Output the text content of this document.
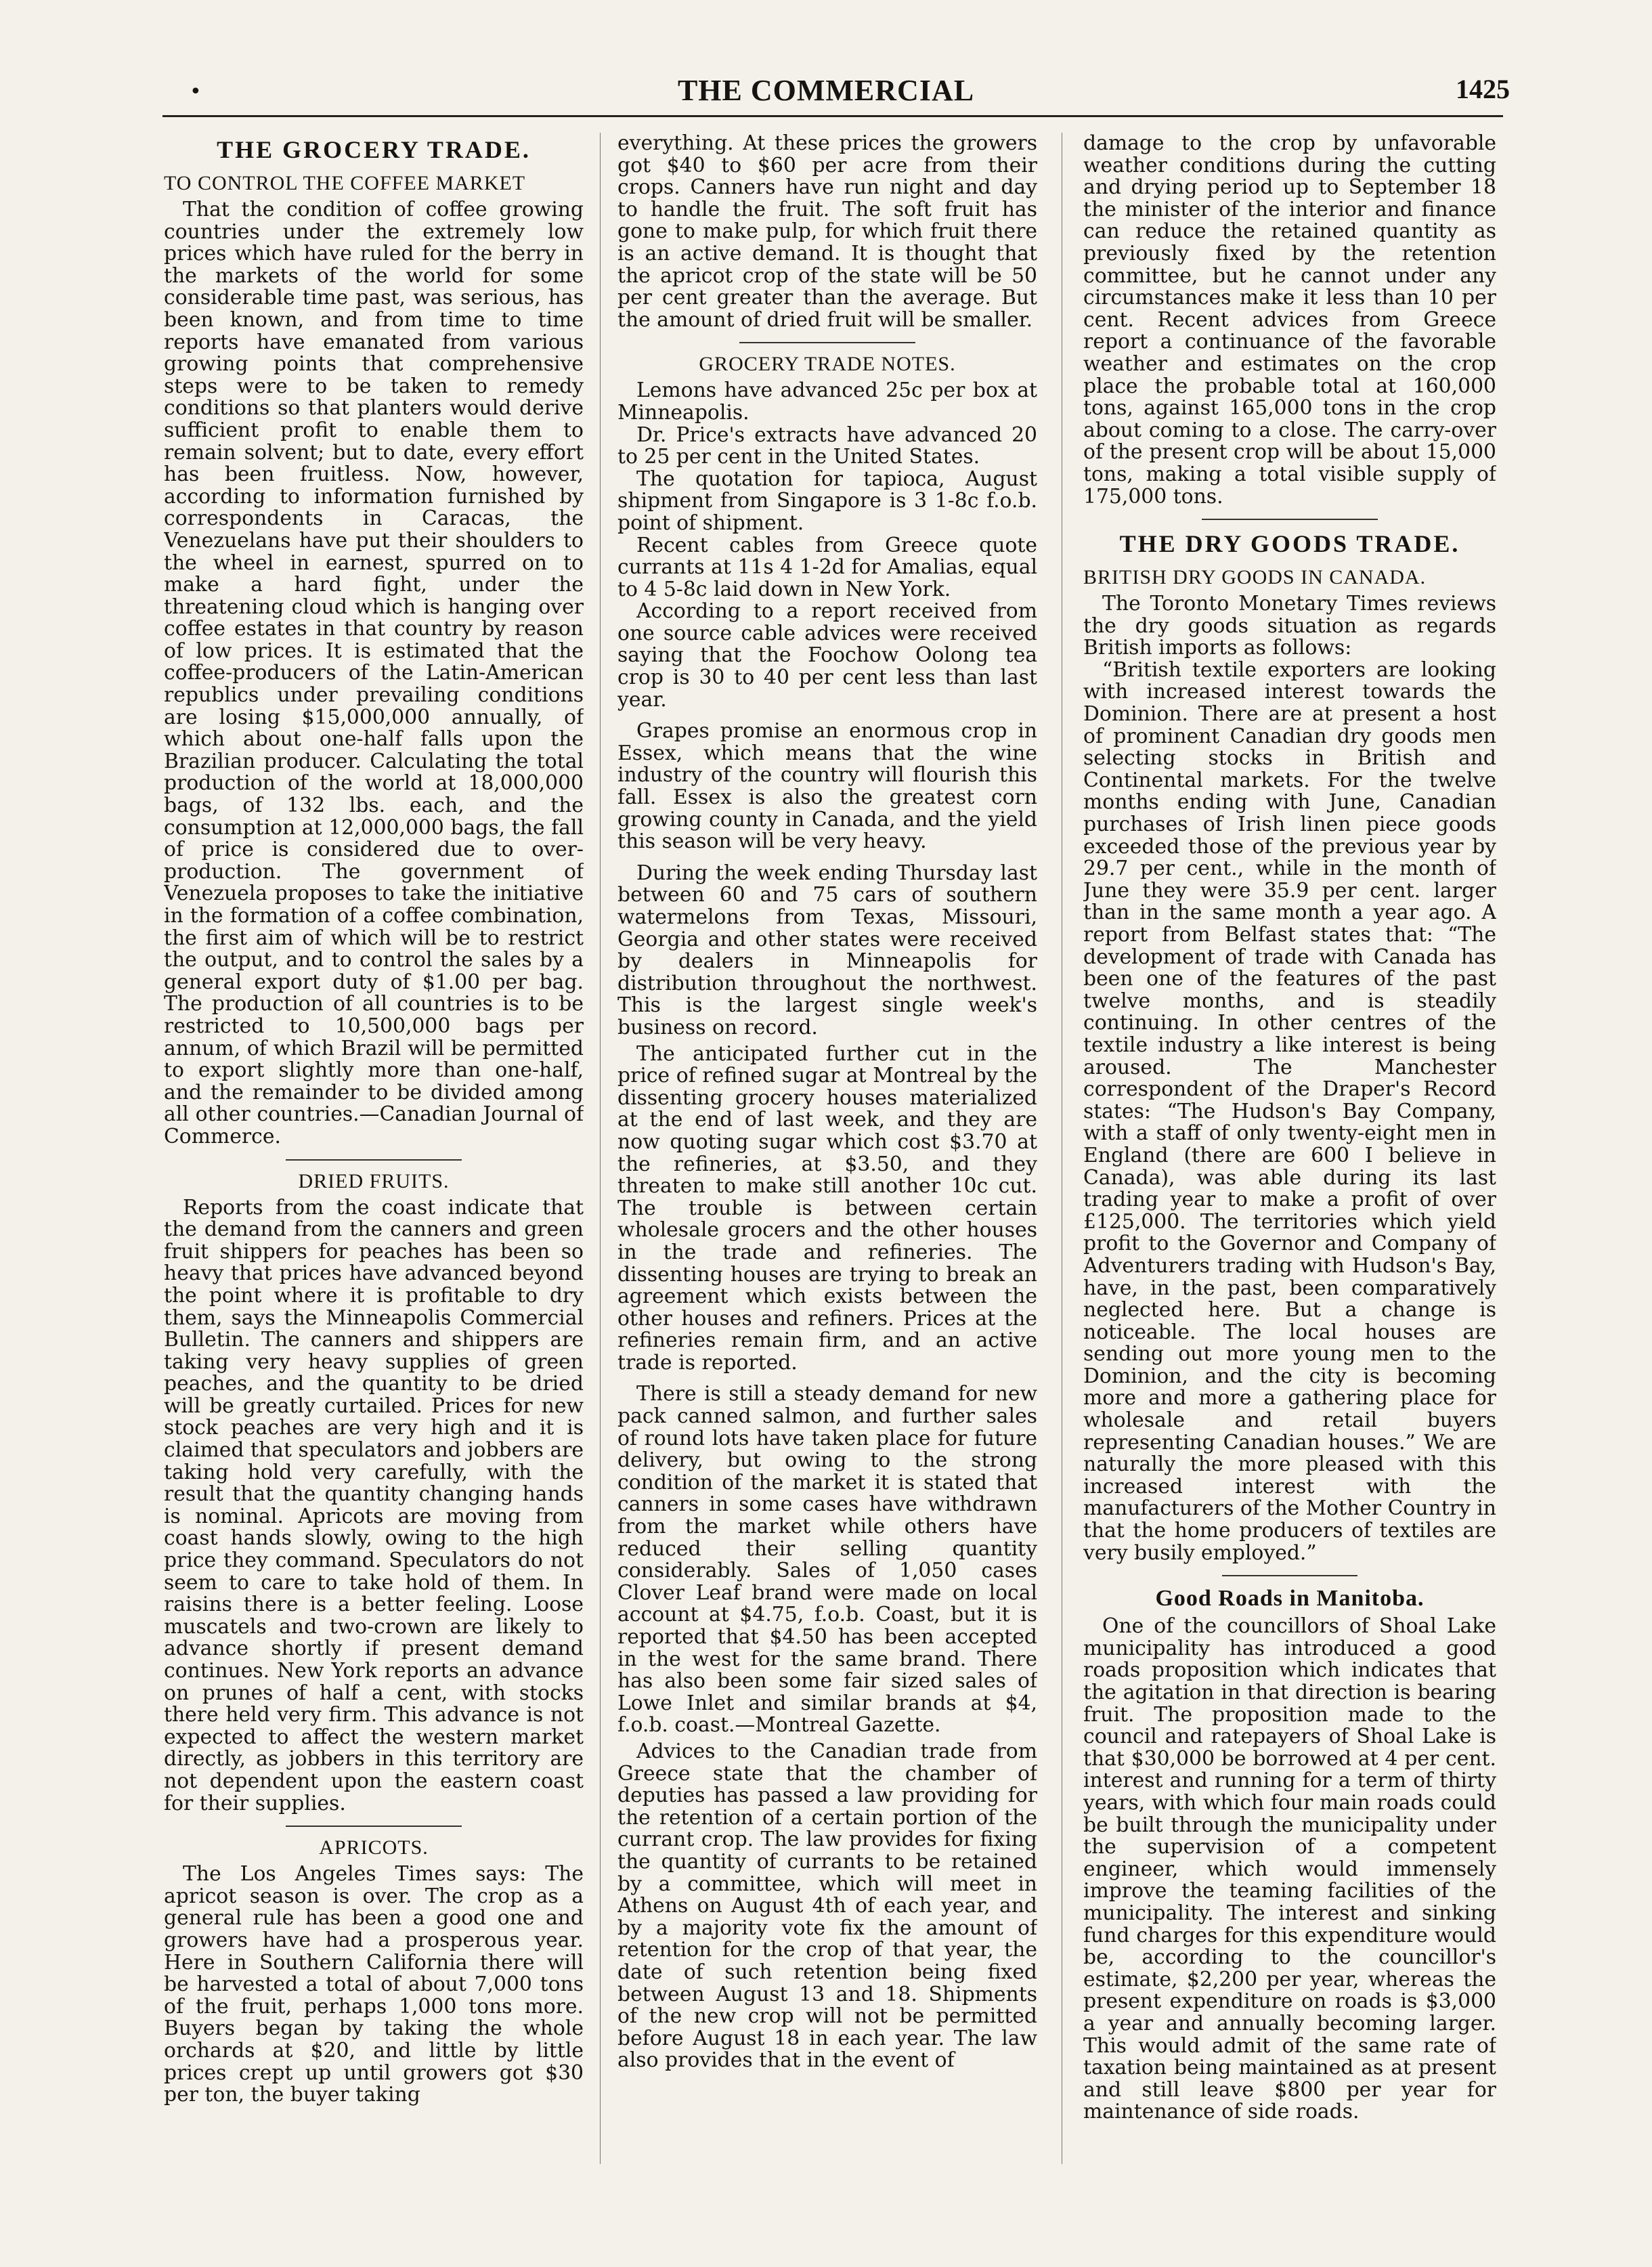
•	THE COMMERCIAL	1425
THE GROCERY TRADE.
TO CONTROL THE COFFEE MARKET

That the condition of coffee growing countries under the extremely low prices which have ruled for the berry in the markets of the world for some considerable time past, was serious, has been known, and from time to time reports have emanated from various growing points that comprehensive steps were to be taken to remedy conditions so that planters would derive sufficient profit to enable them to remain solvent; but to date, every effort has been fruitless. Now, however, according to information furnished by correspondents in Caracas, the Venezuelans have put their shoulders to the wheel in earnest, spurred on to make a hard fight, under the threatening cloud which is hanging over coffee estates in that country by reason of low prices. It is estimated that the coffee-producers of the Latin-American republics under prevailing conditions are losing $15,000,000 annually, of which about one-half falls upon the Brazilian producer. Calculating the total production of the world at 18,000,000 bags, of 132 lbs. each, and the consumption at 12,000,000 bags, the fall of price is considered due to over-production. The government of Venezuela proposes to take the initiative in the formation of a coffee combination, the first aim of which will be to restrict the output, and to control the sales by a general export duty of $1.00 per bag. The production of all countries is to be restricted to 10,500,000 bags per annum, of which Brazil will be permitted to export slightly more than one-half, and the remainder to be divided among all other countries.—Canadian Journal of Commerce.

DRIED FRUITS.

Reports from the coast indicate that the demand from the canners and green fruit shippers for peaches has been so heavy that prices have advanced beyond the point where it is profitable to dry them, says the Minneapolis Commercial Bulletin. The canners and shippers are taking very heavy supplies of green peaches, and the quantity to be dried will be greatly curtailed. Prices for new stock peaches are very high and it is claimed that speculators and jobbers are taking hold very carefully, with the result that the quantity changing hands is nominal. Apricots are moving from coast hands slowly, owing to the high price they command. Speculators do not seem to care to take hold of them. In raisins there is a better feeling. Loose muscatels and two-crown are likely to advance shortly if present demand continues. New York reports an advance on prunes of half a cent, with stocks there held very firm. This advance is not expected to affect the western market directly, as jobbers in this territory are not dependent upon the eastern coast for their supplies.

APRICOTS.

The Los Angeles Times says: The apricot season is over. The crop as a general rule has been a good one and growers have had a prosperous year. Here in Southern California there will be harvested a total of about 7,000 tons of the fruit, perhaps 1,000 tons more. Buyers began by taking the whole orchards at $20, and little by little prices crept up until growers got $30 per ton, the buyer taking

everything. At these prices the growers got $40 to $60 per acre from their crops. Canners have run night and day to handle the fruit. The soft fruit has gone to make pulp, for which fruit there is an active demand. It is thought that the apricot crop of the state will be 50 per cent greater than the average. But the amount of dried fruit will be smaller.

GROCERY TRADE NOTES.

Lemons have advanced 25c per box at Minneapolis.

Dr. Price's extracts have advanced 20 to 25 per cent in the United States.

The quotation for tapioca, August shipment from Singapore is 3 1-8c f.o.b. point of shipment.

Recent cables from Greece quote currants at 11s 4 1-2d for Amalias, equal to 4 5-8c laid down in New York.

According to a report received from one source cable advices were received saying that the Foochow Oolong tea crop is 30 to 40 per cent less than last year.

Grapes promise an enormous crop in Essex, which means that the wine industry of the country will flourish this fall. Essex is also the greatest corn growing county in Canada, and the yield this season will be very heavy.

During the week ending Thursday last between 60 and 75 cars of southern watermelons from Texas, Missouri, Georgia and other states were received by dealers in Minneapolis for distribution throughout the northwest. This is the largest single week's business on record.

The anticipated further cut in the price of refined sugar at Montreal by the dissenting grocery houses materialized at the end of last week, and they are now quoting sugar which cost $3.70 at the refineries, at $3.50, and they threaten to make still another 10c cut. The trouble is between certain wholesale grocers and the other houses in the trade and refineries. The dissenting houses are trying to break an agreement which exists between the other houses and refiners. Prices at the refineries remain firm, and an active trade is reported.

There is still a steady demand for new pack canned salmon, and further sales of round lots have taken place for future delivery, but owing to the strong condition of the market it is stated that canners in some cases have withdrawn from the market while others have reduced their selling quantity considerably. Sales of 1,050 cases Clover Leaf brand were made on local account at $4.75, f.o.b. Coast, but it is reported that $4.50 has been accepted in the west for the same brand. There has also been some fair sized sales of Lowe Inlet and similar brands at $4, f.o.b. coast.—Montreal Gazette.

Advices to the Canadian trade from Greece state that the chamber of deputies has passed a law providing for the retention of a certain portion of the currant crop. The law provides for fixing the quantity of currants to be retained by a committee, which will meet in Athens on August 4th of each year, and by a majority vote fix the amount of retention for the crop of that year, the date of such retention being fixed between August 13 and 18. Shipments of the new crop will not be permitted before August 18 in each year. The law also provides that in the event of

damage to the crop by unfavorable weather conditions during the cutting and drying period up to September 18 the minister of the interior and finance can reduce the retained quantity as previously fixed by the retention committee, but he cannot under any circumstances make it less than 10 per cent. Recent advices from Greece report a continuance of the favorable weather and estimates on the crop place the probable total at 160,000 tons, against 165,000 tons in the crop about coming to a close. The carry-over of the present crop will be about 15,000 tons, making a total visible supply of 175,000 tons.

THE DRY GOODS TRADE.
BRITISH DRY GOODS IN CANADA.

The Toronto Monetary Times reviews the dry goods situation as regards British imports as follows:

“British textile exporters are looking with increased interest towards the Dominion. There are at present a host of prominent Canadian dry goods men selecting stocks in British and Continental markets. For the twelve months ending with June, Canadian purchases of Irish linen piece goods exceeded those of the previous year by 29.7 per cent., while in the month of June they were 35.9 per cent. larger than in the same month a year ago. A report from Belfast states that: “The development of trade with Canada has been one of the features of the past twelve months, and is steadily continuing. In other centres of the textile industry a like interest is being aroused. The Manchester correspondent of the Draper's Record states: “The Hudson's Bay Company, with a staff of only twenty-eight men in England (there are 600 I believe in Canada), was able during its last trading year to make a profit of over £125,000. The territories which yield profit to the Governor and Company of Adventurers trading with Hudson's Bay, have, in the past, been comparatively neglected here. But a change is noticeable. The local houses are sending out more young men to the Dominion, and the city is becoming more and more a gathering place for wholesale and retail buyers representing Canadian houses.” We are naturally the more pleased with this increased interest with the manufacturers of the Mother Country in that the home producers of textiles are very busily employed.”

Good Roads in Manitoba.

One of the councillors of Shoal Lake municipality has introduced a good roads proposition which indicates that the agitation in that direction is bearing fruit. The proposition made to the council and ratepayers of Shoal Lake is that $30,000 be borrowed at 4 per cent. interest and running for a term of thirty years, with which four main roads could be built through the municipality under the supervision of a competent engineer, which would immensely improve the teaming facilities of the municipality. The interest and sinking fund charges for this expenditure would be, according to the councillor's estimate, $2,200 per year, whereas the present expenditure on roads is $3,000 a year and annually becoming larger. This would admit of the same rate of taxation being maintained as at present and still leave $800 per year for maintenance of side roads.
